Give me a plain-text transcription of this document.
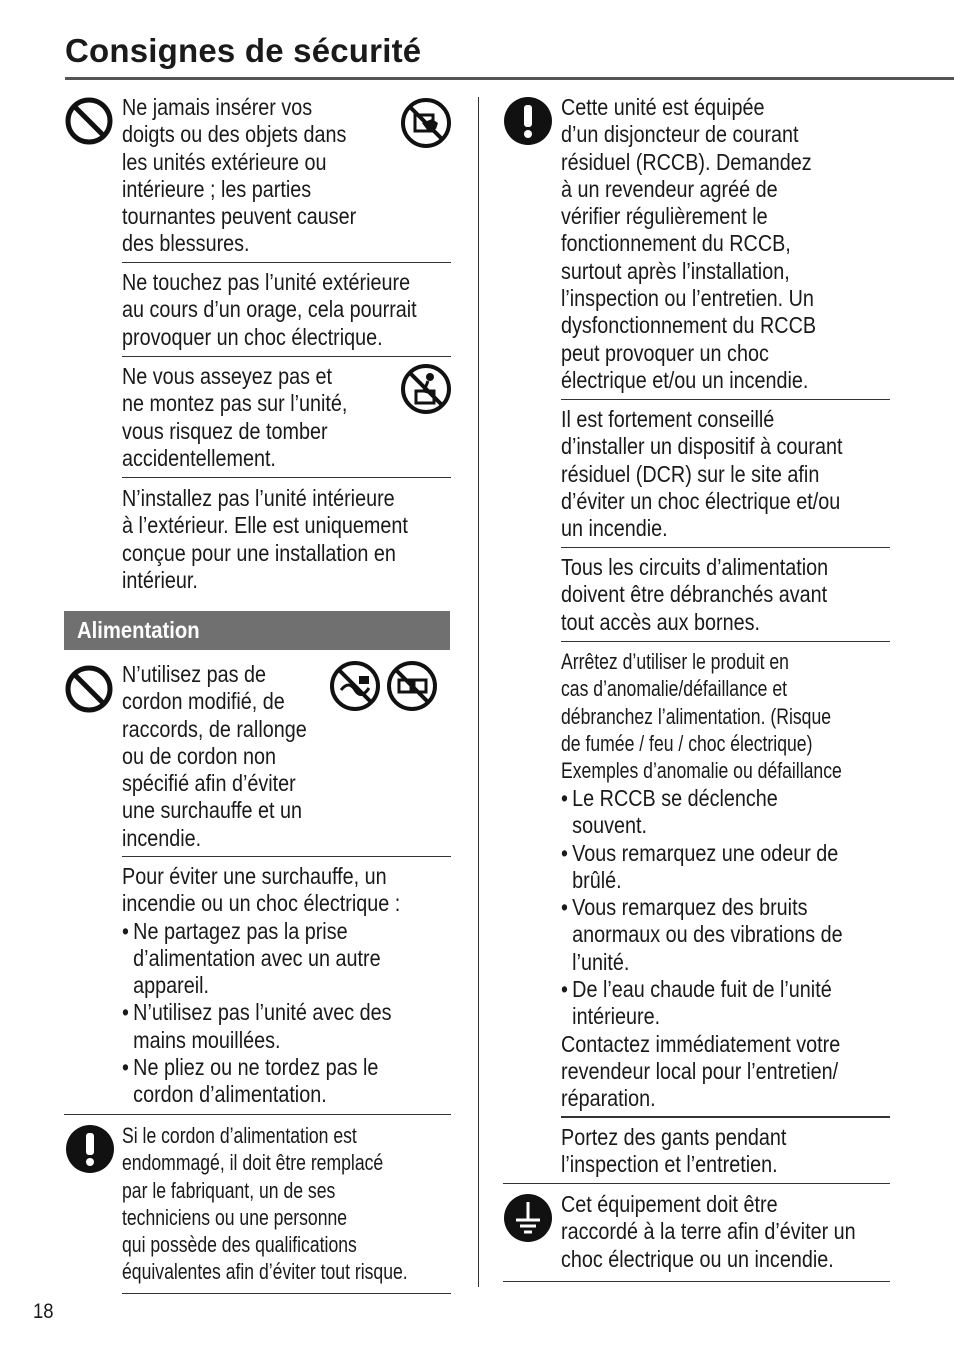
Consignes de sécurité
Ne jamais insérer vos
doigts ou des objets dans
les unités extérieure ou
intérieure ; les parties
tournantes peuvent causer
des blessures.
Ne touchez pas l’unité extérieure
au cours d’un orage, cela pourrait
provoquer un choc électrique.
Ne vous asseyez pas et
ne montez pas sur l’unité,
vous risquez de tomber
accidentellement.
N’installez pas l’unité intérieure
à l’extérieur. Elle est uniquement
conçue pour une installation en
intérieur.
Alimentation
N’utilisez pas de
cordon modifié, de
raccords, de rallonge
ou de cordon non
spécifié afin d’éviter
une surchauffe et un
incendie.
Pour éviter une surchauffe, un
incendie ou un choc électrique :
• Ne partagez pas la prise
d’alimentation avec un autre
appareil.
• N’utilisez pas l’unité avec des
mains mouillées.
• Ne pliez ou ne tordez pas le
cordon d’alimentation.
Si le cordon d’alimentation est
endommagé, il doit être remplacé
par le fabriquant, un de ses
techniciens ou une personne
qui possède des qualifications
équivalentes afin d’éviter tout risque.
Cette unité est équipée
d’un disjoncteur de courant
résiduel (RCCB). Demandez
à un revendeur agréé de
vérifier régulièrement le
fonctionnement du RCCB,
surtout après l’installation,
l’inspection ou l’entretien. Un
dysfonctionnement du RCCB
peut provoquer un choc
électrique et/ou un incendie.
Il est fortement conseillé
d’installer un dispositif à courant
résiduel (DCR) sur le site afin
d’éviter un choc électrique et/ou
un incendie.
Tous les circuits d’alimentation
doivent être débranchés avant
tout accès aux bornes.
Arrêtez d’utiliser le produit en
cas d’anomalie/défaillance et
débranchez l’alimentation. (Risque
de fumée / feu / choc électrique)
Exemples d’anomalie ou défaillance
• Le RCCB se déclenche
souvent.
• Vous remarquez une odeur de
brûlé.
• Vous remarquez des bruits
anormaux ou des vibrations de
l’unité.
• De l’eau chaude fuit de l’unité
intérieure.
Contactez immédiatement votre
revendeur local pour l’entretien/
réparation.
Portez des gants pendant
l’inspection et l’entretien.
Cet équipement doit être
raccordé à la terre afin d’éviter un
choc électrique ou un incendie.
18
